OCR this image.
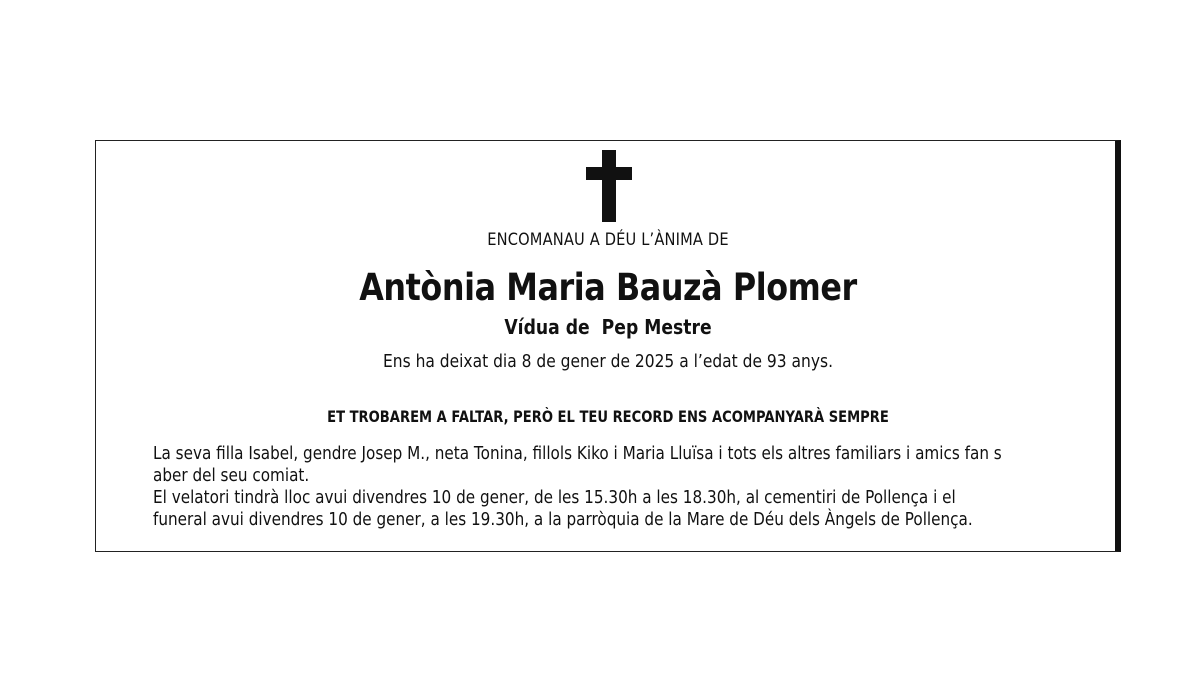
ENCOMANAU A DÉU L’ÀNIMA DE
Antònia Maria Bauzà Plomer
Vídua de  Pep Mestre
Ens ha deixat dia 8 de gener de 2025 a l’edat de 93 anys.
ET TROBAREM A FALTAR, PERÒ EL TEU RECORD ENS ACOMPANYARÀ SEMPRE

La seva filla Isabel, gendre Josep M., neta Tonina, fillols Kiko i Maria Lluïsa i tots els altres familiars i amics fan s

aber del seu comiat.

El velatori tindrà lloc avui divendres 10 de gener, de les 15.30h a les 18.30h, al cementiri de Pollença i el

funeral avui divendres 10 de gener, a les 19.30h, a la parròquia de la Mare de Déu dels Àngels de Pollença.
